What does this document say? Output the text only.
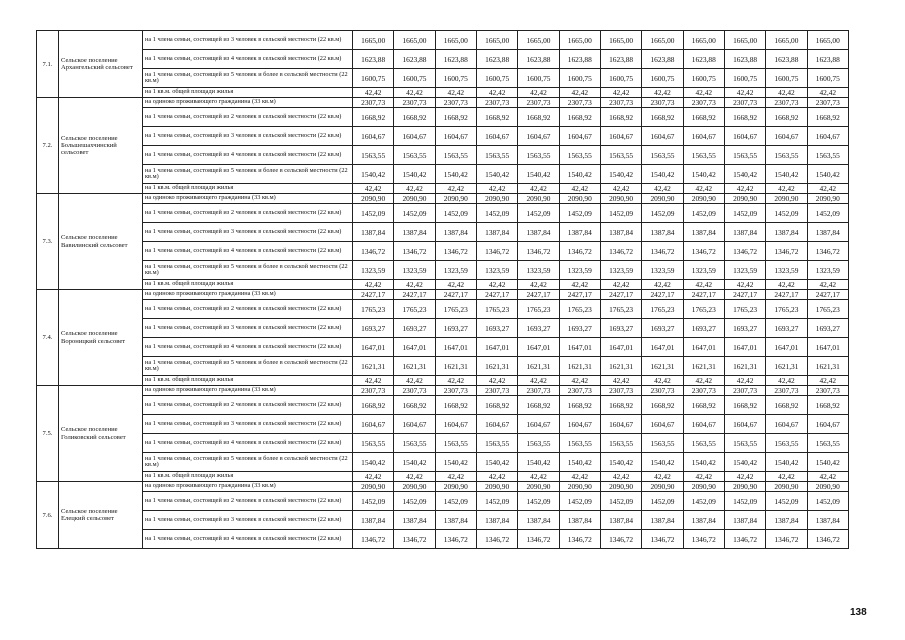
7.1.	Сельское поселение Архангельский сельсовет	на 1 члена семьи, состоящей из 3 человек в сельской местности (22 кв.м)	1665,00	1665,00	1665,00	1665,00	1665,00	1665,00	1665,00	1665,00	1665,00	1665,00	1665,00	1665,00
		на 1 члена семьи, состоящей из 4 человек в сельской местности (22 кв.м)	1623,88	1623,88	1623,88	1623,88	1623,88	1623,88	1623,88	1623,88	1623,88	1623,88	1623,88	1623,88
		на 1 члена семьи, состоящей из 5 человек и более в сельской местности (22 кв.м)	1600,75	1600,75	1600,75	1600,75	1600,75	1600,75	1600,75	1600,75	1600,75	1600,75	1600,75	1600,75
		на 1 кв.м. общей площади жилья	42,42	42,42	42,42	42,42	42,42	42,42	42,42	42,42	42,42	42,42	42,42	42,42
7.2.	Сельское поселение Большешахчинский сельсовет	на одиноко проживающего гражданина (33 кв.м)	2307,73	2307,73	2307,73	2307,73	2307,73	2307,73	2307,73	2307,73	2307,73	2307,73	2307,73	2307,73
		на 1 члена семьи, состоящей из 2 человек в сельской местности (22 кв.м)	1668,92	1668,92	1668,92	1668,92	1668,92	1668,92	1668,92	1668,92	1668,92	1668,92	1668,92	1668,92
		на 1 члена семьи, состоящей из 3 человек в сельской местности (22 кв.м)	1604,67	1604,67	1604,67	1604,67	1604,67	1604,67	1604,67	1604,67	1604,67	1604,67	1604,67	1604,67
		на 1 члена семьи, состоящей из 4 человек в сельской местности (22 кв.м)	1563,55	1563,55	1563,55	1563,55	1563,55	1563,55	1563,55	1563,55	1563,55	1563,55	1563,55	1563,55
		на 1 члена семьи, состоящей из 5 человек и более в сельской местности (22 кв.м)	1540,42	1540,42	1540,42	1540,42	1540,42	1540,42	1540,42	1540,42	1540,42	1540,42	1540,42	1540,42
		на 1 кв.м. общей площади жилья	42,42	42,42	42,42	42,42	42,42	42,42	42,42	42,42	42,42	42,42	42,42	42,42
7.3.	Сельское поселение Вавилинский сельсовет	на одиноко проживающего гражданина (33 кв.м)	2090,90	2090,90	2090,90	2090,90	2090,90	2090,90	2090,90	2090,90	2090,90	2090,90	2090,90	2090,90
		на 1 члена семьи, состоящей из 2 человек в сельской местности (22 кв.м)	1452,09	1452,09	1452,09	1452,09	1452,09	1452,09	1452,09	1452,09	1452,09	1452,09	1452,09	1452,09
		на 1 члена семьи, состоящей из 3 человек в сельской местности (22 кв.м)	1387,84	1387,84	1387,84	1387,84	1387,84	1387,84	1387,84	1387,84	1387,84	1387,84	1387,84	1387,84
		на 1 члена семьи, состоящей из 4 человек в сельской местности (22 кв.м)	1346,72	1346,72	1346,72	1346,72	1346,72	1346,72	1346,72	1346,72	1346,72	1346,72	1346,72	1346,72
		на 1 члена семьи, состоящей из 5 человек и более в сельской местности (22 кв.м)	1323,59	1323,59	1323,59	1323,59	1323,59	1323,59	1323,59	1323,59	1323,59	1323,59	1323,59	1323,59
		на 1 кв.м. общей площади жилья	42,42	42,42	42,42	42,42	42,42	42,42	42,42	42,42	42,42	42,42	42,42	42,42
7.4.	Сельское поселение Вороницкий сельсовет	на одиноко проживающего гражданина (33 кв.м)	2427,17	2427,17	2427,17	2427,17	2427,17	2427,17	2427,17	2427,17	2427,17	2427,17	2427,17	2427,17
		на 1 члена семьи, состоящей из 2 человек в сельской местности (22 кв.м)	1765,23	1765,23	1765,23	1765,23	1765,23	1765,23	1765,23	1765,23	1765,23	1765,23	1765,23	1765,23
		на 1 члена семьи, состоящей из 3 человек в сельской местности (22 кв.м)	1693,27	1693,27	1693,27	1693,27	1693,27	1693,27	1693,27	1693,27	1693,27	1693,27	1693,27	1693,27
		на 1 члена семьи, состоящей из 4 человек в сельской местности (22 кв.м)	1647,01	1647,01	1647,01	1647,01	1647,01	1647,01	1647,01	1647,01	1647,01	1647,01	1647,01	1647,01
		на 1 члена семьи, состоящей из 5 человек и более в сельской местности (22 кв.м)	1621,31	1621,31	1621,31	1621,31	1621,31	1621,31	1621,31	1621,31	1621,31	1621,31	1621,31	1621,31
		на 1 кв.м. общей площади жилья	42,42	42,42	42,42	42,42	42,42	42,42	42,42	42,42	42,42	42,42	42,42	42,42
7.5.	Сельское поселение Голиковский сельсовет	на одиноко проживающего гражданина (33 кв.м)	2307,73	2307,73	2307,73	2307,73	2307,73	2307,73	2307,73	2307,73	2307,73	2307,73	2307,73	2307,73
		на 1 члена семьи, состоящей из 2 человек в сельской местности (22 кв.м)	1668,92	1668,92	1668,92	1668,92	1668,92	1668,92	1668,92	1668,92	1668,92	1668,92	1668,92	1668,92
		на 1 члена семьи, состоящей из 3 человек в сельской местности (22 кв.м)	1604,67	1604,67	1604,67	1604,67	1604,67	1604,67	1604,67	1604,67	1604,67	1604,67	1604,67	1604,67
		на 1 члена семьи, состоящей из 4 человек в сельской местности (22 кв.м)	1563,55	1563,55	1563,55	1563,55	1563,55	1563,55	1563,55	1563,55	1563,55	1563,55	1563,55	1563,55
		на 1 члена семьи, состоящей из 5 человек и более в сельской местности (22 кв.м)	1540,42	1540,42	1540,42	1540,42	1540,42	1540,42	1540,42	1540,42	1540,42	1540,42	1540,42	1540,42
		на 1 кв.м. общей площади жилья	42,42	42,42	42,42	42,42	42,42	42,42	42,42	42,42	42,42	42,42	42,42	42,42
7.6.	Сельское поселение Елецкий сельсовет	на одиноко проживающего гражданина (33 кв.м)	2090,90	2090,90	2090,90	2090,90	2090,90	2090,90	2090,90	2090,90	2090,90	2090,90	2090,90	2090,90
		на 1 члена семьи, состоящей из 2 человек в сельской местности (22 кв.м)	1452,09	1452,09	1452,09	1452,09	1452,09	1452,09	1452,09	1452,09	1452,09	1452,09	1452,09	1452,09
		на 1 члена семьи, состоящей из 3 человек в сельской местности (22 кв.м)	1387,84	1387,84	1387,84	1387,84	1387,84	1387,84	1387,84	1387,84	1387,84	1387,84	1387,84	1387,84
		на 1 члена семьи, состоящей из 4 человек в сельской местности (22 кв.м)	1346,72	1346,72	1346,72	1346,72	1346,72	1346,72	1346,72	1346,72	1346,72	1346,72	1346,72	1346,72
138
